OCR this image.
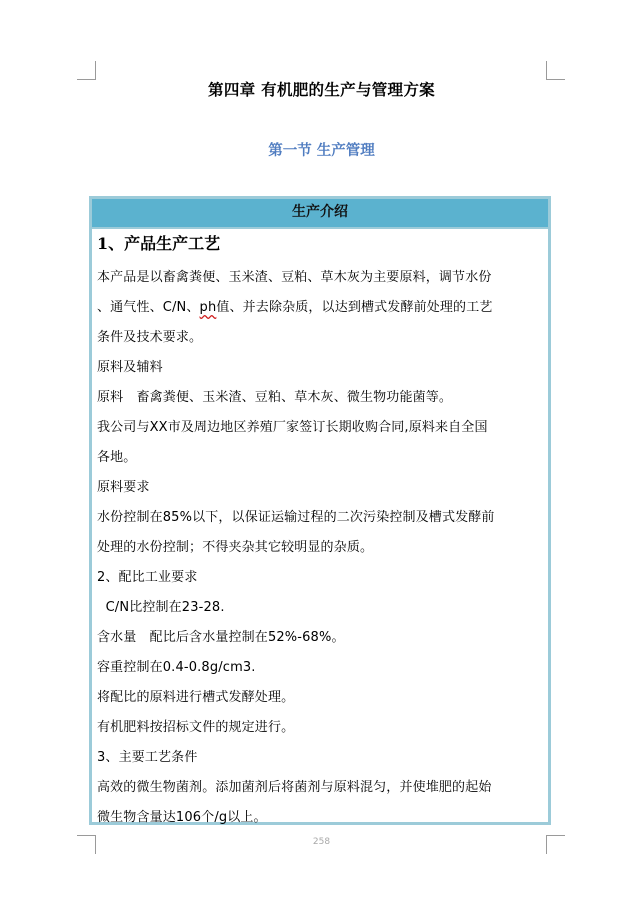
第四章 有机肥的生产与管理方案
第一节 生产管理
生产介绍
1、产品生产工艺
本产品是以畜禽粪便、玉米渣、豆粕、草木灰为主要原料，调节水份
、通气性、C/N、ph值、并去除杂质，以达到槽式发酵前处理的工艺
条件及技术要求。
原料及辅料
原料　畜禽粪便、玉米渣、豆粕、草木灰、微生物功能菌等。
我公司与XX市及周边地区养殖厂家签订长期收购合同,原料来自全国
各地。
原料要求
水份控制在85%以下，以保证运输过程的二次污染控制及槽式发酵前
处理的水份控制；不得夹杂其它较明显的杂质。
2、配比工业要求
C/N比控制在23-28.
含水量　配比后含水量控制在52%-68%。
容重控制在0.4-0.8g/cm3.
将配比的原料进行槽式发酵处理。
有机肥料按招标文件的规定进行。
3、主要工艺条件
高效的微生物菌剂。添加菌剂后将菌剂与原料混匀，并使堆肥的起始
微生物含量达106个/g以上。
258
